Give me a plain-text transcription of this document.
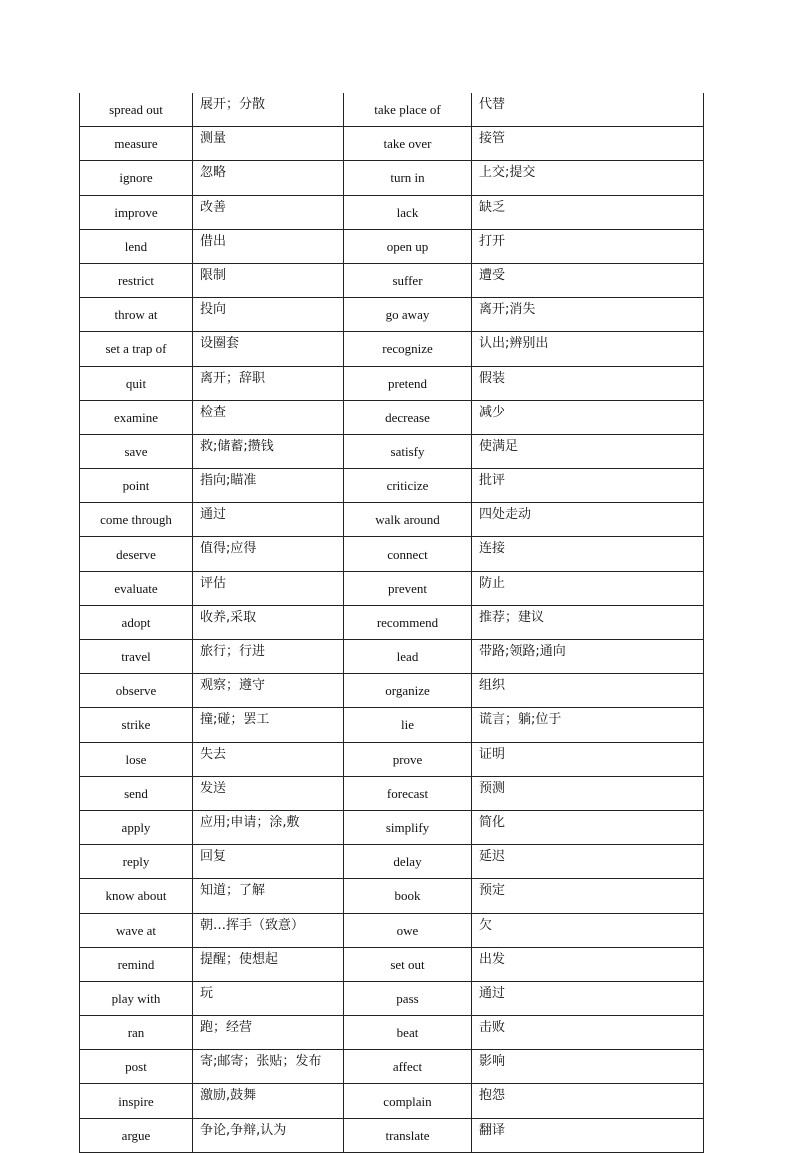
spread out	展开；分散	take place of	代替
measure	测量	take over	接管
ignore	忽略	turn in	上交;提交
improve	改善	lack	缺乏
lend	借出	open up	打开
restrict	限制	suffer	遭受
throw at	投向	go away	离开;消失
set a trap of	设圈套	recognize	认出;辨别出
quit	离开；辞职	pretend	假装
examine	检查	decrease	减少
save	救;储蓄;攒钱	satisfy	使满足
point	指向;瞄准	criticize	批评
come through	通过	walk around	四处走动
deserve	值得;应得	connect	连接
evaluate	评估	prevent	防止
adopt	收养,采取	recommend	推荐；建议
travel	旅行；行进	lead	带路;领路;通向
observe	观察；遵守	organize	组织
strike	撞;碰；罢工	lie	谎言；躺;位于
lose	失去	prove	证明
send	发送	forecast	预测
apply	应用;申请；涂,敷	simplify	简化
reply	回复	delay	延迟
know about	知道；了解	book	预定
wave at	朝…挥手（致意）	owe	欠
remind	提醒；使想起	set out	出发
play with	玩	pass	通过
ran	跑；经营	beat	击败
post	寄;邮寄；张贴；发布	affect	影响
inspire	激励,鼓舞	complain	抱怨
argue	争论,争辩,认为	translate	翻译
